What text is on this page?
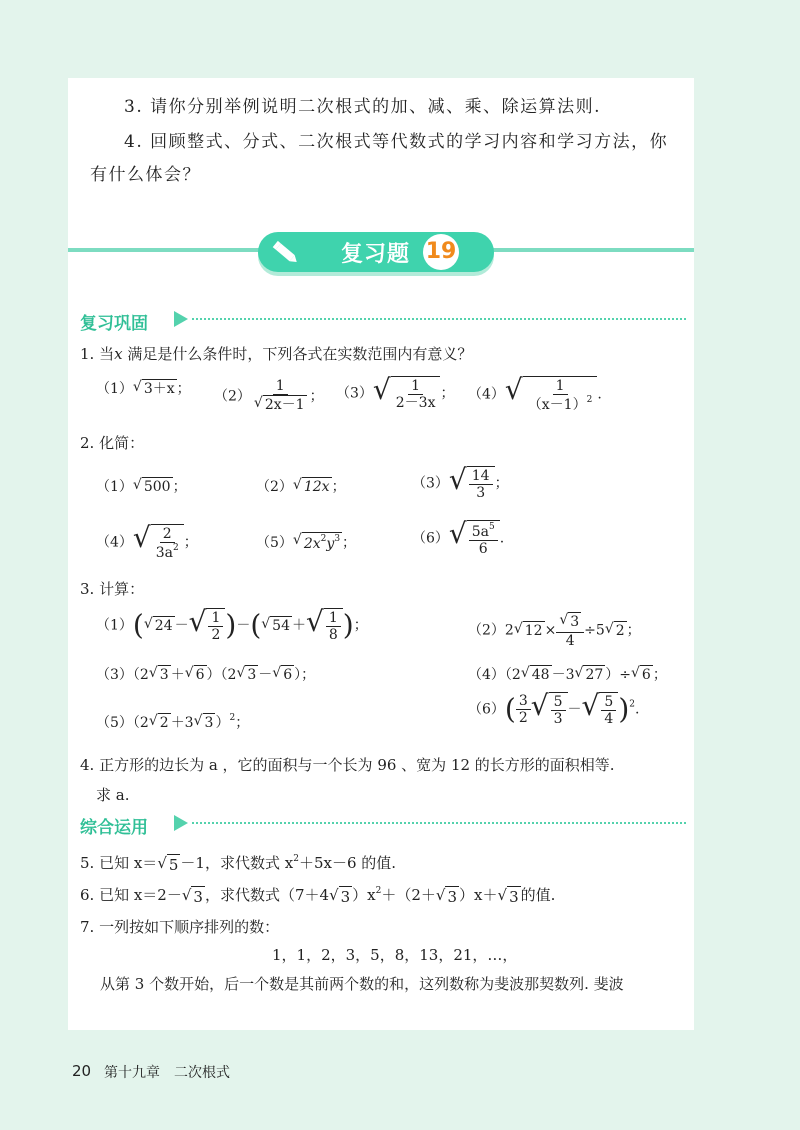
3. 请你分别举例说明二次根式的加、减、乘、除运算法则.
4. 回顾整式、分式、二次根式等代数式的学习内容和学习方法，你
有什么体会？
复习题 19
复习巩固
1. 当x 满足是什么条件时，下列各式在实数范围内有意义？
（1） √ 3＋x ； $(2) \frac{1}{√ 2x-1}$ ； （3） √ $\frac{1}{2-3x}$ ； （4） √ $\frac{1}{(x-1)^2}$ .
2. 化简：
（1） √ 500 ；	（2） √ 12x ；	（3） √ $\frac{14}{3}$ ；
（4） √ $\frac{2}{3a^2}$ ；	（5） √ $2x^2y^3$ ；	（6） √ $\frac{5a^5}{6}$ .
3. 计算：
（1）( √ 24 － √ $\frac{1}{2}$ )－( √ 54 ＋ √ $\frac{1}{8}$ )；	（2）2 √ $12 \times \frac{√ 3}{4} \div 5$ √ 2 ；
（3）（2 √ 3 ＋ √ 6 ）（2 √ 3 － √ 6 ）；	（4）（2 √ 48 －3 √ 27 ）÷ √ 6 ；
（5）（2 √ 2 ＋3 √ 3 ）$^2$；
$(6)( \frac{3}{2}$ √ $\frac{5}{3}$ － √ $\frac{5}{4} )^2$.
4. 正方形的边长为 a ，它的面积与一个长为 96 、宽为 12 的长方形的面积相等.
求 a.
综合运用
5. 已知 x＝ √ 5 －1，求代数式 $x^2+5x-6$ 的值.
6. 已知 x＝2－ √ 3 ，求代数式（7＋4 √ 3 ）$x^2+(2+$ √ 3 ）x＋ √ 3 的值.
7. 一列按如下顺序排列的数：
1，1，2，3，5，8，13，21，…，
从第 3 个数开始，后一个数是其前两个数的和，这列数称为斐波那契数列. 斐波
20 第十九章　二次根式
